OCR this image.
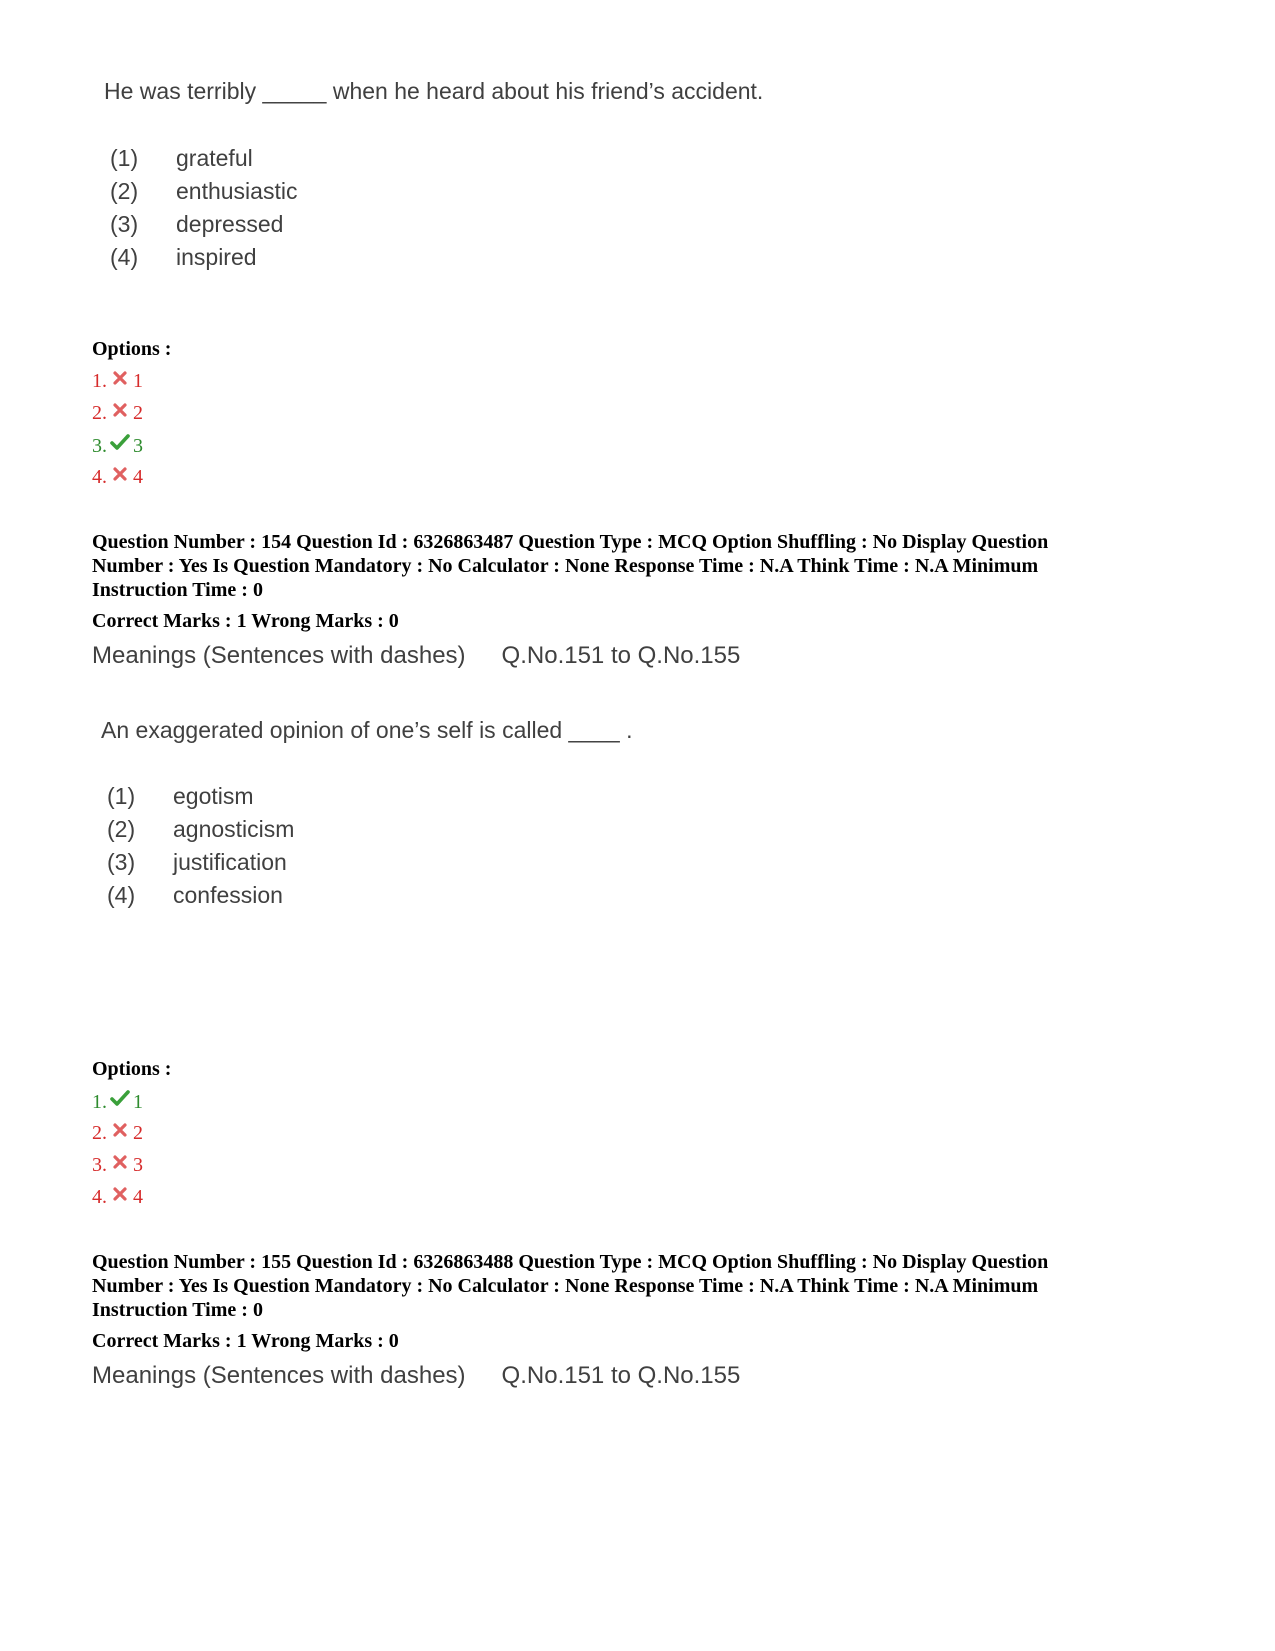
He was terribly _____ when he heard about his friend’s accident.
(1) grateful
(2) enthusiastic
(3) depressed
(4) inspired
Options :
1. 1
2. 2
3. 3
4. 4
Question Number : 154 Question Id : 6326863487 Question Type : MCQ Option Shuffling : No Display Question
Number : Yes Is Question Mandatory : No Calculator : None Response Time : N.A Think Time : N.A Minimum
Instruction Time : 0
Correct Marks : 1 Wrong Marks : 0
Meanings (Sentences with dashes) Q.No.151 to Q.No.155
An exaggerated opinion of one’s self is called ____ .
(1) egotism
(2) agnosticism
(3) justification
(4) confession
Options :
1. 1
2. 2
3. 3
4. 4
Question Number : 155 Question Id : 6326863488 Question Type : MCQ Option Shuffling : No Display Question
Number : Yes Is Question Mandatory : No Calculator : None Response Time : N.A Think Time : N.A Minimum
Instruction Time : 0
Correct Marks : 1 Wrong Marks : 0
Meanings (Sentences with dashes) Q.No.151 to Q.No.155
